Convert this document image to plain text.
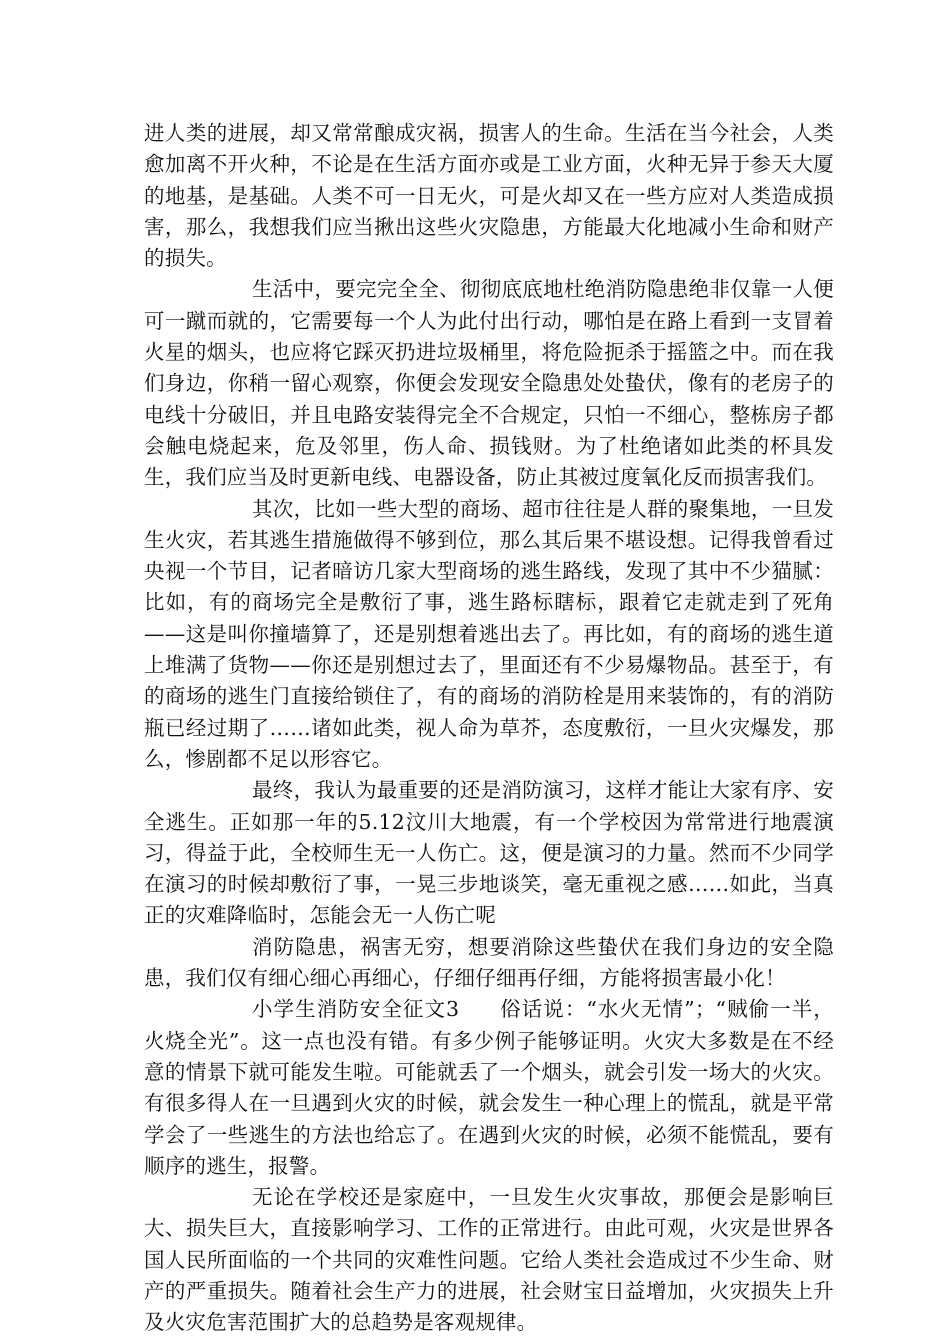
进人类的进展，却又常常酿成灾祸，损害人的生命。生活在当今社会，人类愈加离不开火种，不论是在生活方面亦或是工业方面，火种无异于参天大厦的地基，是基础。人类不可一日无火，可是火却又在一些方应对人类造成损害，那么，我想我们应当揪出这些火灾隐患，方能最大化地减小生命和财产的损失。

生活中，要完完全全、彻彻底底地杜绝消防隐患绝非仅靠一人便可一蹴而就的，它需要每一个人为此付出行动，哪怕是在路上看到一支冒着火星的烟头，也应将它踩灭扔进垃圾桶里，将危险扼杀于摇篮之中。而在我们身边，你稍一留心观察，你便会发现安全隐患处处蛰伏，像有的老房子的电线十分破旧，并且电路安装得完全不合规定，只怕一不细心，整栋房子都会触电烧起来，危及邻里，伤人命、损钱财。为了杜绝诸如此类的杯具发生，我们应当及时更新电线、电器设备，防止其被过度氧化反而损害我们。

其次，比如一些大型的商场、超市往往是人群的聚集地，一旦发生火灾，若其逃生措施做得不够到位，那么其后果不堪设想。记得我曾看过央视一个节目，记者暗访几家大型商场的逃生路线，发现了其中不少猫腻：比如，有的商场完全是敷衍了事，逃生路标瞎标，跟着它走就走到了死角——这是叫你撞墙算了，还是别想着逃出去了。再比如，有的商场的逃生道上堆满了货物——你还是别想过去了，里面还有不少易爆物品。甚至于，有的商场的逃生门直接给锁住了，有的商场的消防栓是用来装饰的，有的消防瓶已经过期了……诸如此类，视人命为草芥，态度敷衍，一旦火灾爆发，那么，惨剧都不足以形容它。

最终，我认为最重要的还是消防演习，这样才能让大家有序、安全逃生。正如那一年的5.12汶川大地震，有一个学校因为常常进行地震演习，得益于此，全校师生无一人伤亡。这，便是演习的力量。然而不少同学在演习的时候却敷衍了事，一晃三步地谈笑，毫无重视之感……如此，当真正的灾难降临时，怎能会无一人伤亡呢

消防隐患，祸害无穷，想要消除这些蛰伏在我们身边的安全隐患，我们仅有细心细心再细心，仔细仔细再仔细，方能将损害最小化！

小学生消防安全征文3 俗话说：“水火无情”；“贼偷一半，火烧全光”。这一点也没有错。有多少例子能够证明。火灾大多数是在不经意的情景下就可能发生啦。可能就丢了一个烟头，就会引发一场大的火灾。有很多得人在一旦遇到火灾的时候，就会发生一种心理上的慌乱，就是平常学会了一些逃生的方法也给忘了。在遇到火灾的时候，必须不能慌乱，要有顺序的逃生，报警。

无论在学校还是家庭中，一旦发生火灾事故，那便会是影响巨大、损失巨大，直接影响学习、工作的正常进行。由此可观，火灾是世界各国人民所面临的一个共同的灾难性问题。它给人类社会造成过不少生命、财产的严重损失。随着社会生产力的进展，社会财宝日益增加，火灾损失上升及火灾危害范围扩大的总趋势是客观规律。
